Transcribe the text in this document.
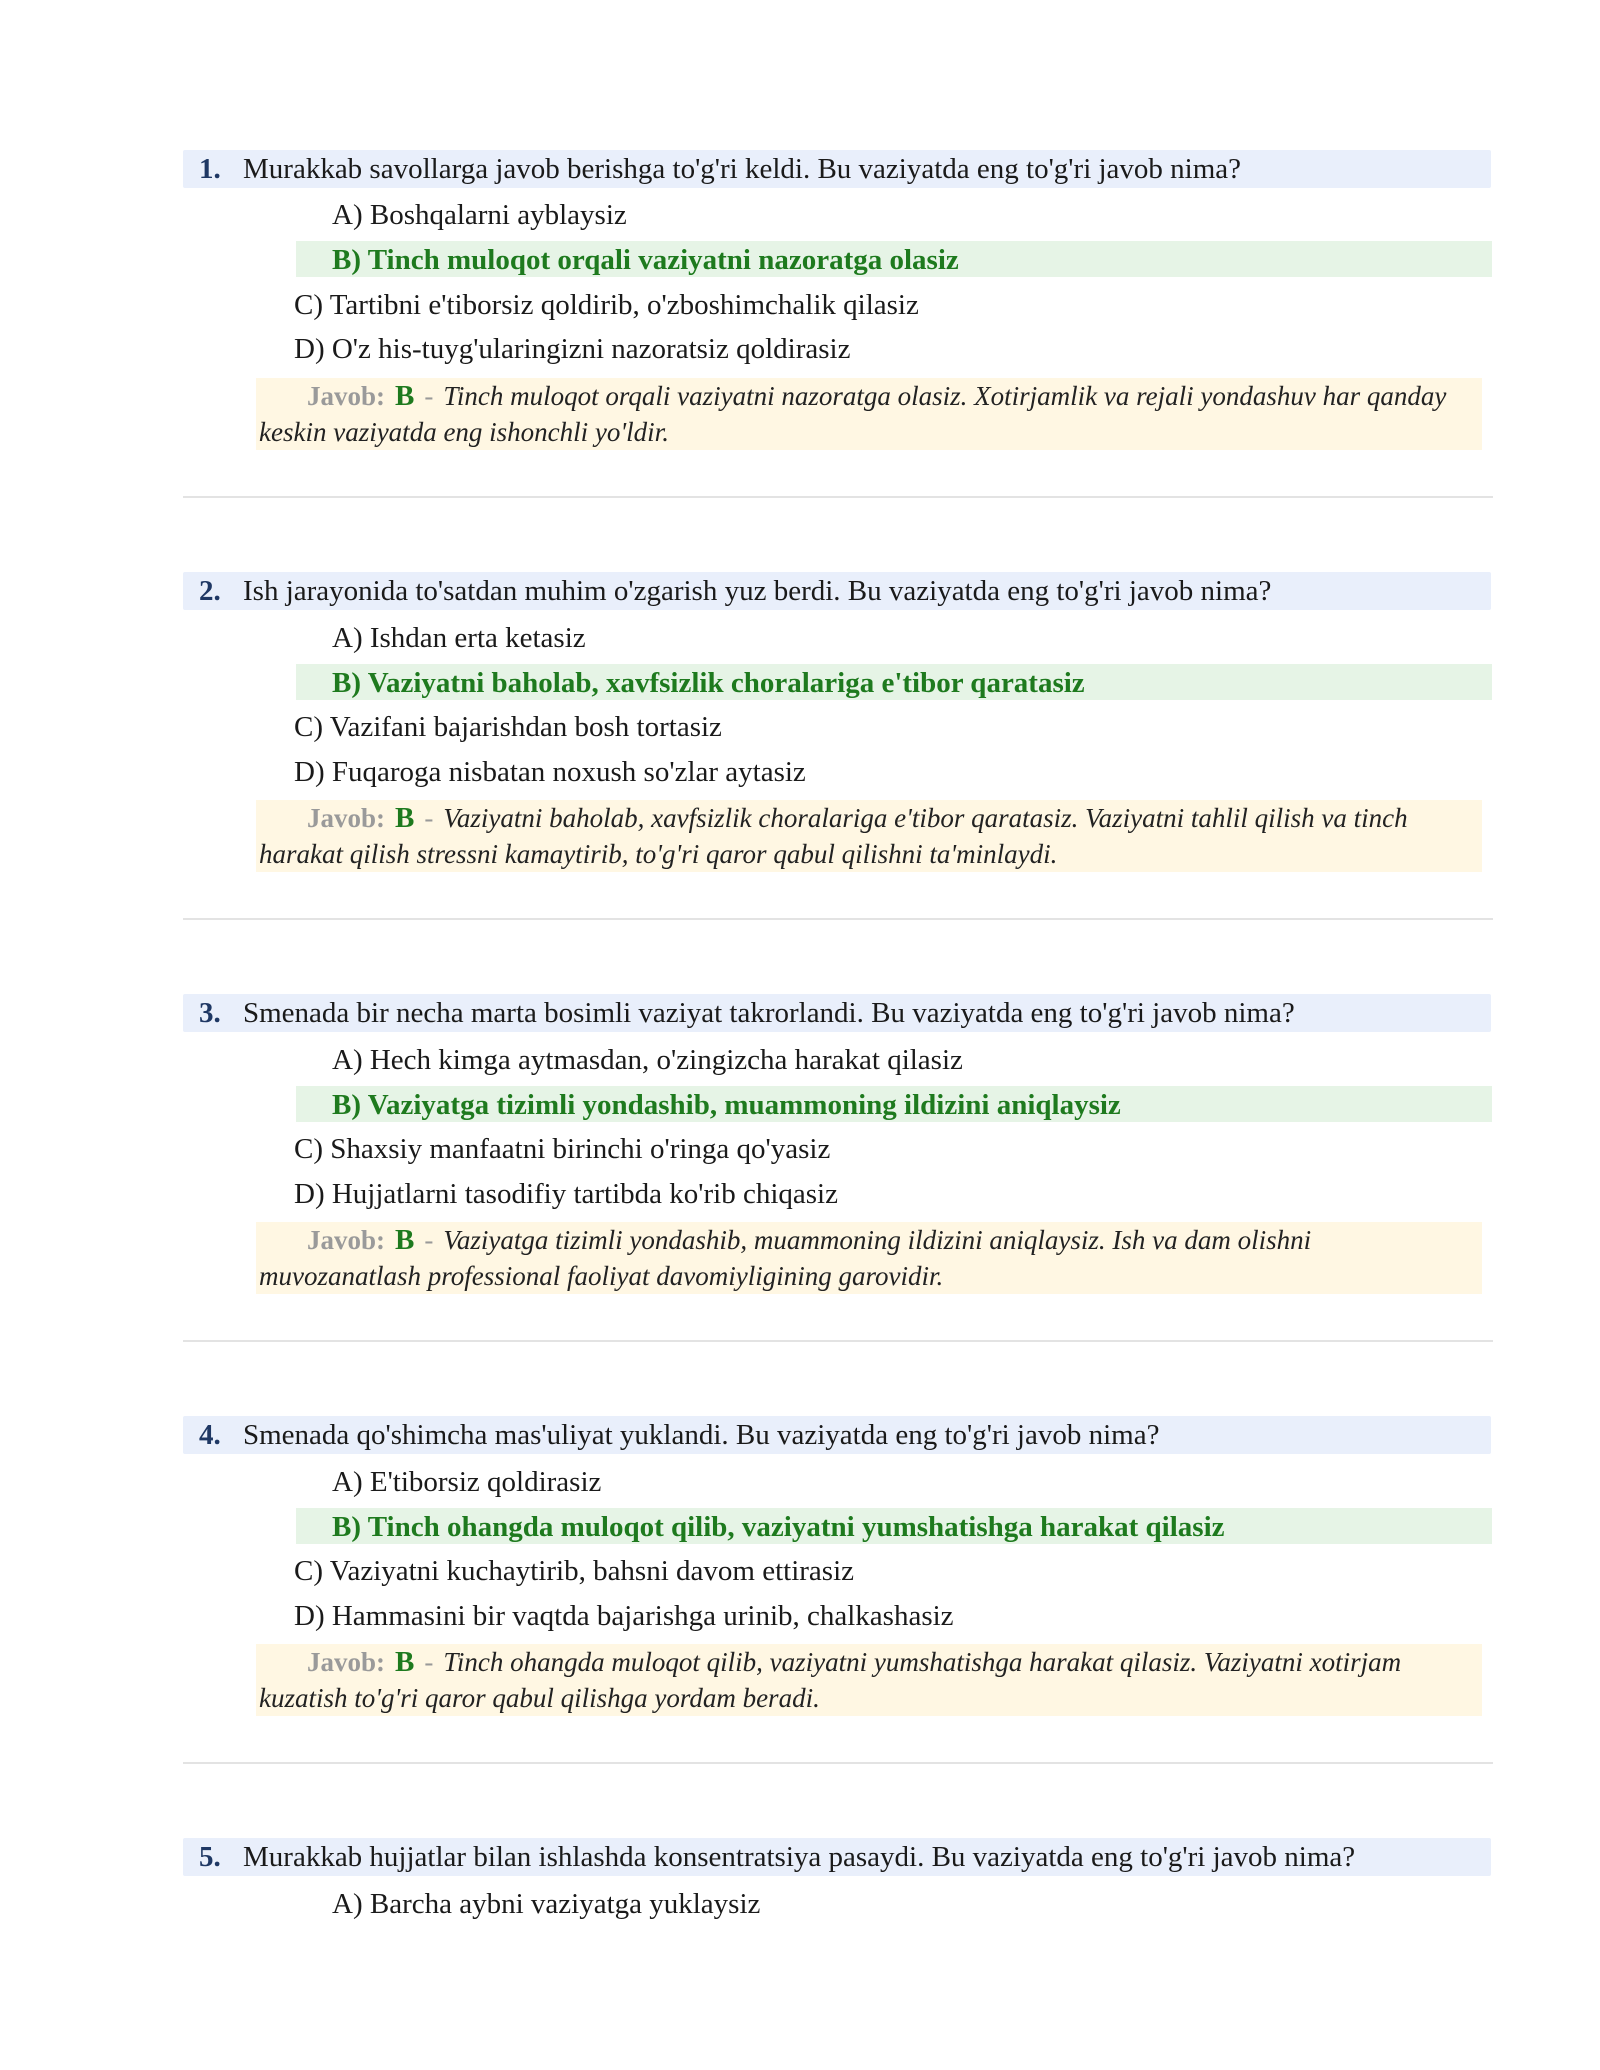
1. Murakkab savollarga javob berishga to'g'ri keldi. Bu vaziyatda eng to'g'ri javob nima?
A) Boshqalarni ayblaysiz
B) Tinch muloqot orqali vaziyatni nazoratga olasiz
C) Tartibni e'tiborsiz qoldirib, o'zboshimchalik qilasiz
D) O'z his-tuyg'ularingizni nazoratsiz qoldirasiz
Javob: B - Tinch muloqot orqali vaziyatni nazoratga olasiz. Xotirjamlik va rejali yondashuv har qanday keskin vaziyatda eng ishonchli yo'ldir.
2. Ish jarayonida to'satdan muhim o'zgarish yuz berdi. Bu vaziyatda eng to'g'ri javob nima?
A) Ishdan erta ketasiz
B) Vaziyatni baholab, xavfsizlik choralariga e'tibor qaratasiz
C) Vazifani bajarishdan bosh tortasiz
D) Fuqaroga nisbatan noxush so'zlar aytasiz
Javob: B - Vaziyatni baholab, xavfsizlik choralariga e'tibor qaratasiz. Vaziyatni tahlil qilish va tinch harakat qilish stressni kamaytirib, to'g'ri qaror qabul qilishni ta'minlaydi.
3. Smenada bir necha marta bosimli vaziyat takrorlandi. Bu vaziyatda eng to'g'ri javob nima?
A) Hech kimga aytmasdan, o'zingizcha harakat qilasiz
B) Vaziyatga tizimli yondashib, muammoning ildizini aniqlaysiz
C) Shaxsiy manfaatni birinchi o'ringa qo'yasiz
D) Hujjatlarni tasodifiy tartibda ko'rib chiqasiz
Javob: B - Vaziyatga tizimli yondashib, muammoning ildizini aniqlaysiz. Ish va dam olishni muvozanatlash professional faoliyat davomiyligining garovidir.
4. Smenada qo'shimcha mas'uliyat yuklandi. Bu vaziyatda eng to'g'ri javob nima?
A) E'tiborsiz qoldirasiz
B) Tinch ohangda muloqot qilib, vaziyatni yumshatishga harakat qilasiz
C) Vaziyatni kuchaytirib, bahsni davom ettirasiz
D) Hammasini bir vaqtda bajarishga urinib, chalkashasiz
Javob: B - Tinch ohangda muloqot qilib, vaziyatni yumshatishga harakat qilasiz. Vaziyatni xotirjam kuzatish to'g'ri qaror qabul qilishga yordam beradi.
5. Murakkab hujjatlar bilan ishlashda konsentratsiya pasaydi. Bu vaziyatda eng to'g'ri javob nima?
A) Barcha aybni vaziyatga yuklaysiz
